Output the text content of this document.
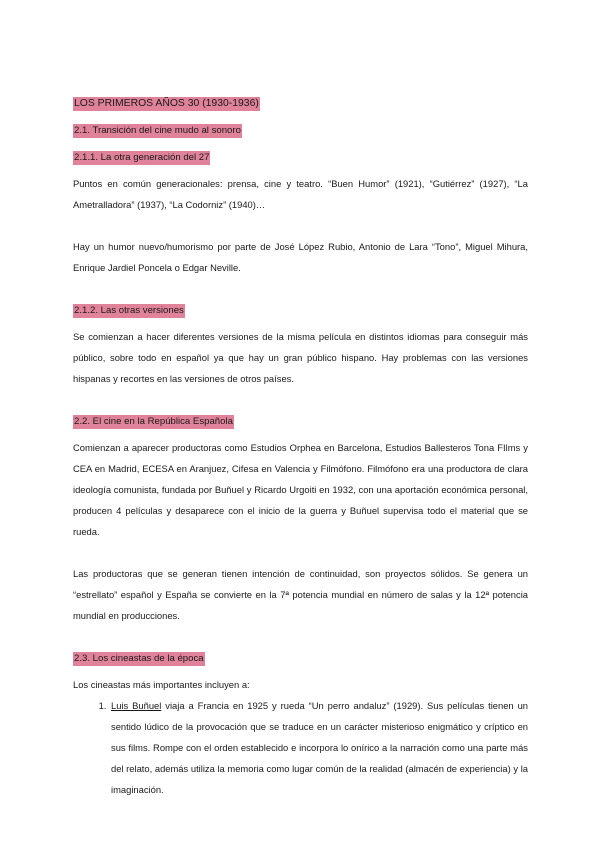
LOS PRIMEROS AÑOS 30 (1930-1936)
2.1. Transición del cine mudo al sonoro
2.1.1. La otra generación del 27

Puntos en común generacionales: prensa, cine y teatro. “Buen Humor” (1921), “Gutiérrez” (1927), “La Ametralladora” (1937), “La Codorniz” (1940)…

Hay un humor nuevo/humorismo por parte de José López Rubio, Antonio de Lara “Tono”, Miguel Mihura, Enrique Jardiel Poncela o Edgar Neville.

2.1.2. Las otras versiones

Se comienzan a hacer diferentes versiones de la misma película en distintos idiomas para conseguir más público, sobre todo en español ya que hay un gran público hispano. Hay problemas con las versiones hispanas y recortes en las versiones de otros países.

2.2. El cine en la República Española

Comienzan a aparecer productoras como Estudios Orphea en Barcelona, Estudios Ballesteros Tona FIlms y CEA en Madrid, ECESA en Aranjuez, Cifesa en Valencia y Filmófono. Filmófono era una productora de clara ideología comunista, fundada por Buñuel y Ricardo Urgoiti en 1932, con una aportación económica personal, producen 4 películas y desaparece con el inicio de la guerra y Buñuel supervisa todo el material que se rueda.

Las productoras que se generan tienen intención de continuidad, son proyectos sólidos. Se genera un “estrellato” español y España se convierte en la 7ª potencia mundial en número de salas y la 12ª potencia mundial en producciones.

2.3. Los cineastas de la época

Los cineastas más importantes incluyen a:

1. Luis Buñuel viaja a Francia en 1925 y rueda “Un perro andaluz” (1929). Sus películas tienen un sentido lúdico de la provocación que se traduce en un carácter misterioso enigmático y críptico en sus films. Rompe con el orden establecido e incorpora lo onírico a la narración como una parte más del relato, además utiliza la memoria como lugar común de la realidad (almacén de experiencia) y la imaginación.
